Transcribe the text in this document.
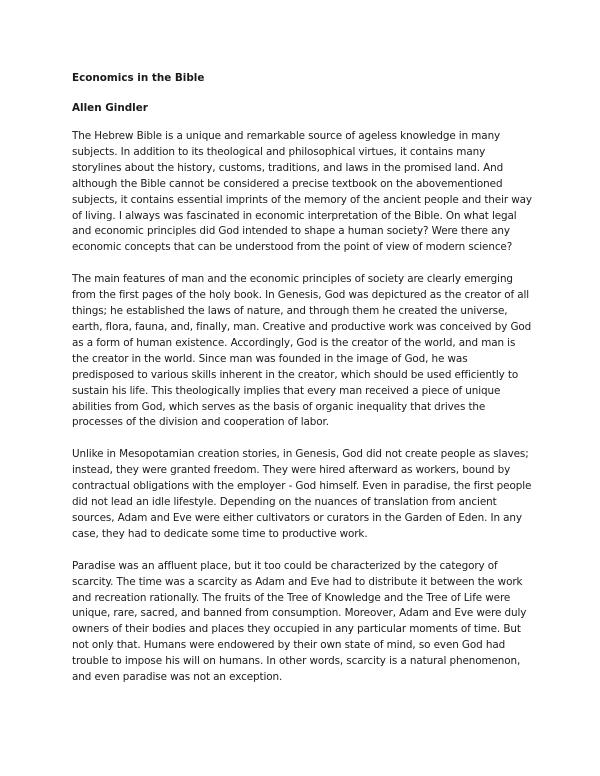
Economics in the Bible
Allen Gindler

The Hebrew Bible is a unique and remarkable source of ageless knowledge in many subjects. In addition to its theological and philosophical virtues, it contains many storylines about the history, customs, traditions, and laws in the promised land. And although the Bible cannot be considered a precise textbook on the abovementioned subjects, it contains essential imprints of the memory of the ancient people and their way of living. I always was fascinated in economic interpretation of the Bible. On what legal and economic principles did God intended to shape a human society? Were there any economic concepts that can be understood from the point of view of modern science?

The main features of man and the economic principles of society are clearly emerging from the first pages of the holy book. In Genesis, God was depictured as the creator of all things; he established the laws of nature, and through them he created the universe, earth, flora, fauna, and, finally, man. Creative and productive work was conceived by God as a form of human existence. Accordingly, God is the creator of the world, and man is the creator in the world. Since man was founded in the image of God, he was predisposed to various skills inherent in the creator, which should be used efficiently to sustain his life. This theologically implies that every man received a piece of unique abilities from God, which serves as the basis of organic inequality that drives the processes of the division and cooperation of labor.

Unlike in Mesopotamian creation stories, in Genesis, God did not create people as slaves; instead, they were granted freedom. They were hired afterward as workers, bound by contractual obligations with the employer - God himself. Even in paradise, the first people did not lead an idle lifestyle. Depending on the nuances of translation from ancient sources, Adam and Eve were either cultivators or curators in the Garden of Eden. In any case, they had to dedicate some time to productive work.

Paradise was an affluent place, but it too could be characterized by the category of scarcity. The time was a scarcity as Adam and Eve had to distribute it between the work and recreation rationally. The fruits of the Tree of Knowledge and the Tree of Life were unique, rare, sacred, and banned from consumption. Moreover, Adam and Eve were duly owners of their bodies and places they occupied in any particular moments of time. But not only that. Humans were endowered by their own state of mind, so even God had trouble to impose his will on humans. In other words, scarcity is a natural phenomenon, and even paradise was not an exception.
